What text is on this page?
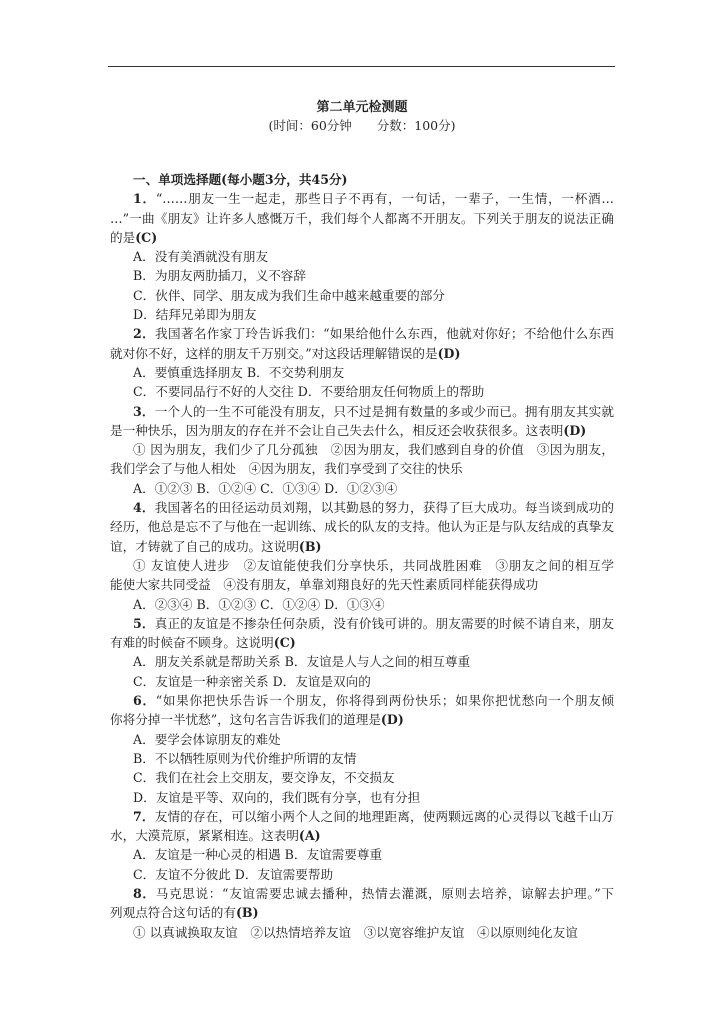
第二单元检测题
(时间：60分钟　　分数：100分)
一、单项选择题(每小题3分，共45分)
1．“……朋友一生一起走，那些日子不再有，一句话，一辈子，一生情，一杯酒…
…”一曲《朋友》让许多人感慨万千，我们每个人都离不开朋友。下列关于朋友的说法正确
的是(C)
A．没有美酒就没有朋友
B．为朋友两肋插刀，义不容辞
C．伙伴、同学、朋友成为我们生命中越来越重要的部分
D．结拜兄弟即为朋友
2．我国著名作家丁玲告诉我们：“如果给他什么东西，他就对你好；不给他什么东西
就对你不好，这样的朋友千万别交。”对这段话理解错误的是(D)
A．要慎重选择朋友 B．不交势利朋友
C．不要同品行不好的人交往 D．不要给朋友任何物质上的帮助
3．一个人的一生不可能没有朋友，只不过是拥有数量的多或少而已。拥有朋友其实就
是一种快乐，因为朋友的存在并不会让自己失去什么，相反还会收获很多。这表明(D)
① 因为朋友，我们少了几分孤独　②因为朋友，我们感到自身的价值　③因为朋友，
我们学会了与他人相处　④因为朋友，我们享受到了交往的快乐
A．①②③ B．①②④ C．①③④ D．①②③④
4．我国著名的田径运动员刘翔，以其勤恳的努力，获得了巨大成功。每当谈到成功的
经历，他总是忘不了与他在一起训练、成长的队友的支持。他认为正是与队友结成的真挚友
谊，才铸就了自己的成功。这说明(B)
① 友谊使人进步　②友谊能使我们分享快乐，共同战胜困难　③朋友之间的相互学
能使大家共同受益　④没有朋友，单靠刘翔良好的先天性素质同样能获得成功
A．②③④ B．①②③ C．①②④ D．①③④
5．真正的友谊是不掺杂任何杂质，没有价钱可讲的。朋友需要的时候不请自来，朋友
有难的时候奋不顾身。这说明(C)
A．朋友关系就是帮助关系 B．友谊是人与人之间的相互尊重
C．友谊是一种亲密关系 D．友谊是双向的
6．“如果你把快乐告诉一个朋友，你将得到两份快乐；如果你把忧愁向一个朋友倾
你将分掉一半忧愁”，这句名言告诉我们的道理是(D)
A．要学会体谅朋友的难处
B．不以牺牲原则为代价维护所谓的友情
C．我们在社会上交朋友，要交诤友，不交损友
D．友谊是平等、双向的，我们既有分享，也有分担
7．友情的存在，可以缩小两个人之间的地理距离，使两颗远离的心灵得以飞越千山万
水，大漠荒原，紧紧相连。这表明(A)
A．友谊是一种心灵的相遇 B．友谊需要尊重
C．友谊不分彼此 D．友谊需要帮助
8．马克思说：“友谊需要忠诚去播种，热情去灌溉，原则去培养，谅解去护理。”下
列观点符合这句话的有(B)
① 以真诚换取友谊　②以热情培养友谊　③以宽容维护友谊　④以原则纯化友谊
